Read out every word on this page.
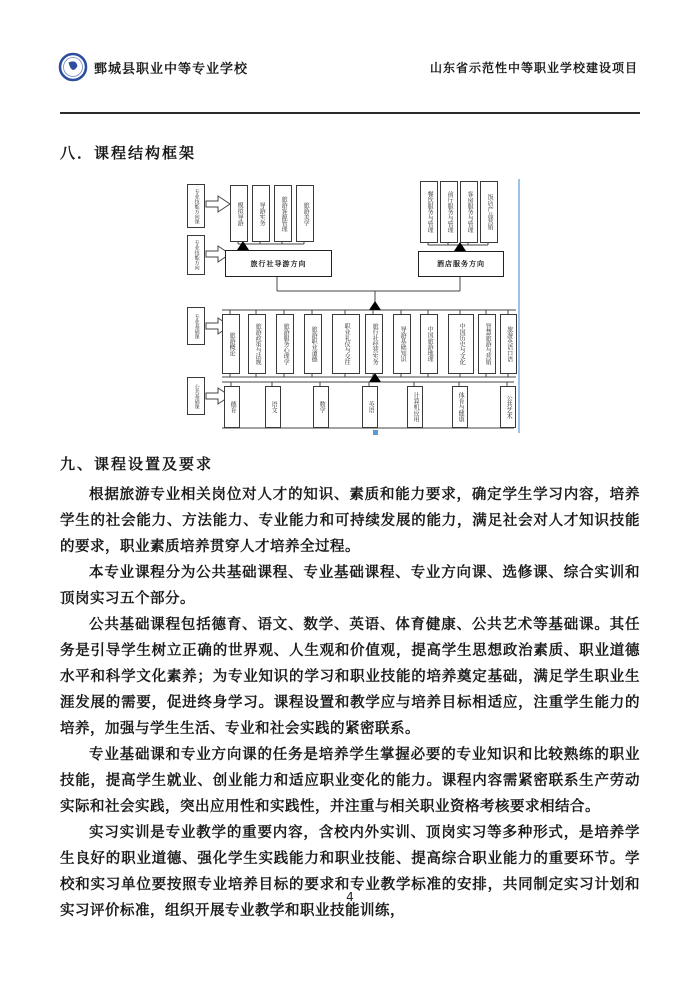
鄄城县职业中等专业学校	山东省示范性中等职业学校建设项目
八．课程结构框架
专业技能方向课
专业技能方向
专业基础课
公共基础课
模拟导游	导游实务	旅游客源管理	旅游美学
旅行社导游方向
餐饮服务与管理	前厅服务与管理	客房服务与管理	饭店产品营销
酒店服务方向
旅游概论	旅游政策与法规	旅游服务心理学	旅游职业道德	职业礼仪与交往	旅行社经营实务	导游基础知识	中国旅游地理	中国历史与文化	智慧旅游与营销	旅游英语口语
德育	语文	数学	英语	计算机应用	体育与健康	公共艺术
九、课程设置及要求

根据旅游专业相关岗位对人才的知识、素质和能力要求，确定学生学习内容，培养学生的社会能力、方法能力、专业能力和可持续发展的能力，满足社会对人才知识技能的要求，职业素质培养贯穿人才培养全过程。

本专业课程分为公共基础课程、专业基础课程、专业方向课、选修课、综合实训和顶岗实习五个部分。

公共基础课程包括德育、语文、数学、英语、体育健康、公共艺术等基础课。其任务是引导学生树立正确的世界观、人生观和价值观，提高学生思想政治素质、职业道德水平和科学文化素养；为专业知识的学习和职业技能的培养奠定基础，满足学生职业生涯发展的需要，促进终身学习。课程设置和教学应与培养目标相适应，注重学生能力的培养，加强与学生生活、专业和社会实践的紧密联系。

专业基础课和专业方向课的任务是培养学生掌握必要的专业知识和比较熟练的职业技能，提高学生就业、创业能力和适应职业变化的能力。课程内容需紧密联系生产劳动实际和社会实践，突出应用性和实践性，并注重与相关职业资格考核要求相结合。

实习实训是专业教学的重要内容，含校内外实训、顶岗实习等多种形式，是培养学生良好的职业道德、强化学生实践能力和职业技能、提高综合职业能力的重要环节。学校和实习单位要按照专业培养目标的要求和专业教学标准的安排，共同制定实习计划和实习评价标准，组织开展专业教学和职业技能训练，

4
